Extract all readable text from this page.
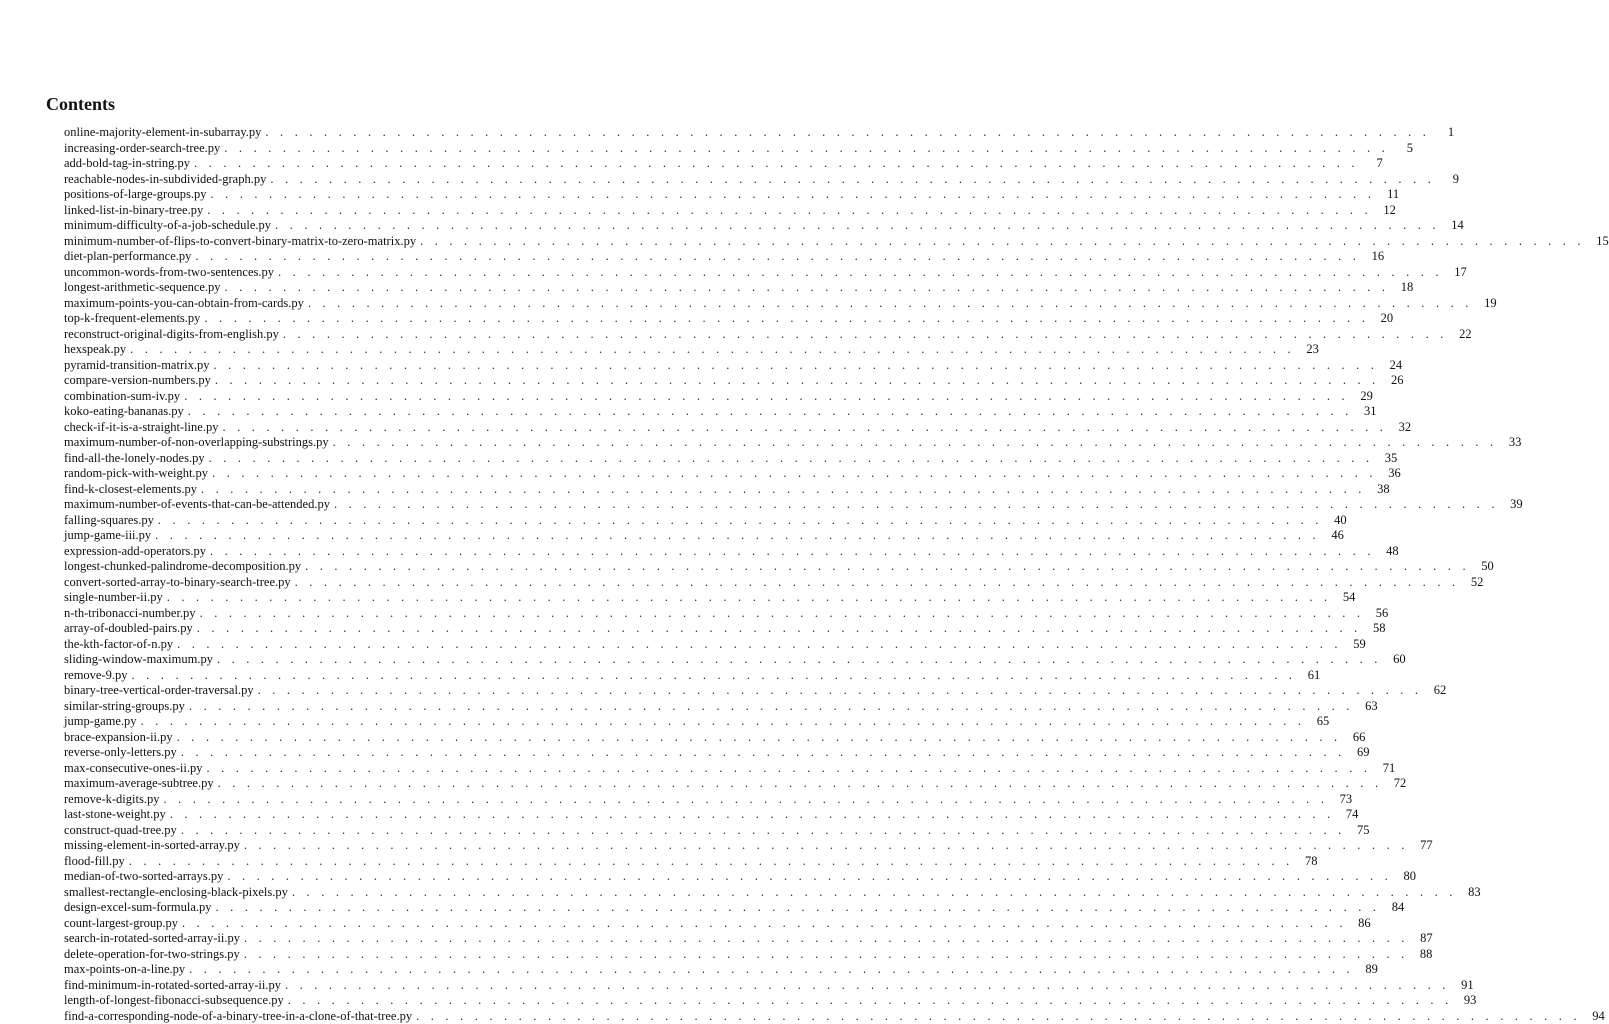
Contents
online-majority-element-in-subarray.py . . . . . . . . . . . . . . . . . . . . . . . . . . . . . . . . . . . . . . . . . . . . . . . . . . . . . . . . . . . . . . . . . . . . . . . . . . . . . . . .	1
increasing-order-search-tree.py . . . . . . . . . . . . . . . . . . . . . . . . . . . . . . . . . . . . . . . . . . . . . . . . . . . . . . . . . . . . . . . . . . . . . . . . . . . . . . . .	5
add-bold-tag-in-string.py . . . . . . . . . . . . . . . . . . . . . . . . . . . . . . . . . . . . . . . . . . . . . . . . . . . . . . . . . . . . . . . . . . . . . . . . . . . . . . . .	7
reachable-nodes-in-subdivided-graph.py . . . . . . . . . . . . . . . . . . . . . . . . . . . . . . . . . . . . . . . . . . . . . . . . . . . . . . . . . . . . . . . . . . . . . . . . . . . . . . . .	9
positions-of-large-groups.py . . . . . . . . . . . . . . . . . . . . . . . . . . . . . . . . . . . . . . . . . . . . . . . . . . . . . . . . . . . . . . . . . . . . . . . . . . . . . . . . 11
linked-list-in-binary-tree.py . . . . . . . . . . . . . . . . . . . . . . . . . . . . . . . . . . . . . . . . . . . . . . . . . . . . . . . . . . . . . . . . . . . . . . . . . . . . . . . . 12
minimum-difficulty-of-a-job-schedule.py . . . . . . . . . . . . . . . . . . . . . . . . . . . . . . . . . . . . . . . . . . . . . . . . . . . . . . . . . . . . . . . . . . . . . . . . . . . . . . . . 14
minimum-number-of-flips-to-convert-binary-matrix-to-zero-matrix.py . . . . . . . . . . . . . . . . . . . . . . . . . . . . . . . . . . . . . . . . . . . . . . . . . . . . . . . . . . . . . . . . . . . . . . . . . . . . . . . . 15
diet-plan-performance.py . . . . . . . . . . . . . . . . . . . . . . . . . . . . . . . . . . . . . . . . . . . . . . . . . . . . . . . . . . . . . . . . . . . . . . . . . . . . . . . . 16
uncommon-words-from-two-sentences.py . . . . . . . . . . . . . . . . . . . . . . . . . . . . . . . . . . . . . . . . . . . . . . . . . . . . . . . . . . . . . . . . . . . . . . . . . . . . . . . . 17
longest-arithmetic-sequence.py . . . . . . . . . . . . . . . . . . . . . . . . . . . . . . . . . . . . . . . . . . . . . . . . . . . . . . . . . . . . . . . . . . . . . . . . . . . . . . . . 18
maximum-points-you-can-obtain-from-cards.py . . . . . . . . . . . . . . . . . . . . . . . . . . . . . . . . . . . . . . . . . . . . . . . . . . . . . . . . . . . . . . . . . . . . . . . . . . . . . . . . 19
top-k-frequent-elements.py . . . . . . . . . . . . . . . . . . . . . . . . . . . . . . . . . . . . . . . . . . . . . . . . . . . . . . . . . . . . . . . . . . . . . . . . . . . . . . . . 20
reconstruct-original-digits-from-english.py . . . . . . . . . . . . . . . . . . . . . . . . . . . . . . . . . . . . . . . . . . . . . . . . . . . . . . . . . . . . . . . . . . . . . . . . . . . . . . . . 22
hexspeak.py . . . . . . . . . . . . . . . . . . . . . . . . . . . . . . . . . . . . . . . . . . . . . . . . . . . . . . . . . . . . . . . . . . . . . . . . . . . . . . . . 23
pyramid-transition-matrix.py . . . . . . . . . . . . . . . . . . . . . . . . . . . . . . . . . . . . . . . . . . . . . . . . . . . . . . . . . . . . . . . . . . . . . . . . . . . . . . . . 24
compare-version-numbers.py . . . . . . . . . . . . . . . . . . . . . . . . . . . . . . . . . . . . . . . . . . . . . . . . . . . . . . . . . . . . . . . . . . . . . . . . . . . . . . . . 26
combination-sum-iv.py . . . . . . . . . . . . . . . . . . . . . . . . . . . . . . . . . . . . . . . . . . . . . . . . . . . . . . . . . . . . . . . . . . . . . . . . . . . . . . . . 29
koko-eating-bananas.py . . . . . . . . . . . . . . . . . . . . . . . . . . . . . . . . . . . . . . . . . . . . . . . . . . . . . . . . . . . . . . . . . . . . . . . . . . . . . . . . 31
check-if-it-is-a-straight-line.py . . . . . . . . . . . . . . . . . . . . . . . . . . . . . . . . . . . . . . . . . . . . . . . . . . . . . . . . . . . . . . . . . . . . . . . . . . . . . . . . 32
maximum-number-of-non-overlapping-substrings.py . . . . . . . . . . . . . . . . . . . . . . . . . . . . . . . . . . . . . . . . . . . . . . . . . . . . . . . . . . . . . . . . . . . . . . . . . . . . . . . . 33
find-all-the-lonely-nodes.py . . . . . . . . . . . . . . . . . . . . . . . . . . . . . . . . . . . . . . . . . . . . . . . . . . . . . . . . . . . . . . . . . . . . . . . . . . . . . . . . 35
random-pick-with-weight.py . . . . . . . . . . . . . . . . . . . . . . . . . . . . . . . . . . . . . . . . . . . . . . . . . . . . . . . . . . . . . . . . . . . . . . . . . . . . . . . . 36
find-k-closest-elements.py . . . . . . . . . . . . . . . . . . . . . . . . . . . . . . . . . . . . . . . . . . . . . . . . . . . . . . . . . . . . . . . . . . . . . . . . . . . . . . . . 38
maximum-number-of-events-that-can-be-attended.py . . . . . . . . . . . . . . . . . . . . . . . . . . . . . . . . . . . . . . . . . . . . . . . . . . . . . . . . . . . . . . . . . . . . . . . . . . . . . . . . 39
falling-squares.py . . . . . . . . . . . . . . . . . . . . . . . . . . . . . . . . . . . . . . . . . . . . . . . . . . . . . . . . . . . . . . . . . . . . . . . . . . . . . . . . 40
jump-game-iii.py . . . . . . . . . . . . . . . . . . . . . . . . . . . . . . . . . . . . . . . . . . . . . . . . . . . . . . . . . . . . . . . . . . . . . . . . . . . . . . . . 46
expression-add-operators.py . . . . . . . . . . . . . . . . . . . . . . . . . . . . . . . . . . . . . . . . . . . . . . . . . . . . . . . . . . . . . . . . . . . . . . . . . . . . . . . . 48
longest-chunked-palindrome-decomposition.py . . . . . . . . . . . . . . . . . . . . . . . . . . . . . . . . . . . . . . . . . . . . . . . . . . . . . . . . . . . . . . . . . . . . . . . . . . . . . . . . 50
convert-sorted-array-to-binary-search-tree.py . . . . . . . . . . . . . . . . . . . . . . . . . . . . . . . . . . . . . . . . . . . . . . . . . . . . . . . . . . . . . . . . . . . . . . . . . . . . . . . . 52
single-number-ii.py . . . . . . . . . . . . . . . . . . . . . . . . . . . . . . . . . . . . . . . . . . . . . . . . . . . . . . . . . . . . . . . . . . . . . . . . . . . . . . . . 54
n-th-tribonacci-number.py . . . . . . . . . . . . . . . . . . . . . . . . . . . . . . . . . . . . . . . . . . . . . . . . . . . . . . . . . . . . . . . . . . . . . . . . . . . . . . . . 56
array-of-doubled-pairs.py . . . . . . . . . . . . . . . . . . . . . . . . . . . . . . . . . . . . . . . . . . . . . . . . . . . . . . . . . . . . . . . . . . . . . . . . . . . . . . . . 58
the-kth-factor-of-n.py . . . . . . . . . . . . . . . . . . . . . . . . . . . . . . . . . . . . . . . . . . . . . . . . . . . . . . . . . . . . . . . . . . . . . . . . . . . . . . . . 59
sliding-window-maximum.py . . . . . . . . . . . . . . . . . . . . . . . . . . . . . . . . . . . . . . . . . . . . . . . . . . . . . . . . . . . . . . . . . . . . . . . . . . . . . . . . 60
remove-9.py . . . . . . . . . . . . . . . . . . . . . . . . . . . . . . . . . . . . . . . . . . . . . . . . . . . . . . . . . . . . . . . . . . . . . . . . . . . . . . . . 61
binary-tree-vertical-order-traversal.py . . . . . . . . . . . . . . . . . . . . . . . . . . . . . . . . . . . . . . . . . . . . . . . . . . . . . . . . . . . . . . . . . . . . . . . . . . . . . . . . 62
similar-string-groups.py . . . . . . . . . . . . . . . . . . . . . . . . . . . . . . . . . . . . . . . . . . . . . . . . . . . . . . . . . . . . . . . . . . . . . . . . . . . . . . . . 63
jump-game.py . . . . . . . . . . . . . . . . . . . . . . . . . . . . . . . . . . . . . . . . . . . . . . . . . . . . . . . . . . . . . . . . . . . . . . . . . . . . . . . . 65
brace-expansion-ii.py . . . . . . . . . . . . . . . . . . . . . . . . . . . . . . . . . . . . . . . . . . . . . . . . . . . . . . . . . . . . . . . . . . . . . . . . . . . . . . . . 66
reverse-only-letters.py . . . . . . . . . . . . . . . . . . . . . . . . . . . . . . . . . . . . . . . . . . . . . . . . . . . . . . . . . . . . . . . . . . . . . . . . . . . . . . . . 69
max-consecutive-ones-ii.py . . . . . . . . . . . . . . . . . . . . . . . . . . . . . . . . . . . . . . . . . . . . . . . . . . . . . . . . . . . . . . . . . . . . . . . . . . . . . . . . 71
maximum-average-subtree.py . . . . . . . . . . . . . . . . . . . . . . . . . . . . . . . . . . . . . . . . . . . . . . . . . . . . . . . . . . . . . . . . . . . . . . . . . . . . . . . . 72
remove-k-digits.py . . . . . . . . . . . . . . . . . . . . . . . . . . . . . . . . . . . . . . . . . . . . . . . . . . . . . . . . . . . . . . . . . . . . . . . . . . . . . . . . 73
last-stone-weight.py . . . . . . . . . . . . . . . . . . . . . . . . . . . . . . . . . . . . . . . . . . . . . . . . . . . . . . . . . . . . . . . . . . . . . . . . . . . . . . . . 74
construct-quad-tree.py . . . . . . . . . . . . . . . . . . . . . . . . . . . . . . . . . . . . . . . . . . . . . . . . . . . . . . . . . . . . . . . . . . . . . . . . . . . . . . . . 75
missing-element-in-sorted-array.py . . . . . . . . . . . . . . . . . . . . . . . . . . . . . . . . . . . . . . . . . . . . . . . . . . . . . . . . . . . . . . . . . . . . . . . . . . . . . . . . 77
flood-fill.py . . . . . . . . . . . . . . . . . . . . . . . . . . . . . . . . . . . . . . . . . . . . . . . . . . . . . . . . . . . . . . . . . . . . . . . . . . . . . . . . 78
median-of-two-sorted-arrays.py . . . . . . . . . . . . . . . . . . . . . . . . . . . . . . . . . . . . . . . . . . . . . . . . . . . . . . . . . . . . . . . . . . . . . . . . . . . . . . . . 80
smallest-rectangle-enclosing-black-pixels.py . . . . . . . . . . . . . . . . . . . . . . . . . . . . . . . . . . . . . . . . . . . . . . . . . . . . . . . . . . . . . . . . . . . . . . . . . . . . . . . . 83
design-excel-sum-formula.py . . . . . . . . . . . . . . . . . . . . . . . . . . . . . . . . . . . . . . . . . . . . . . . . . . . . . . . . . . . . . . . . . . . . . . . . . . . . . . . . 84
count-largest-group.py . . . . . . . . . . . . . . . . . . . . . . . . . . . . . . . . . . . . . . . . . . . . . . . . . . . . . . . . . . . . . . . . . . . . . . . . . . . . . . . . 86
search-in-rotated-sorted-array-ii.py . . . . . . . . . . . . . . . . . . . . . . . . . . . . . . . . . . . . . . . . . . . . . . . . . . . . . . . . . . . . . . . . . . . . . . . . . . . . . . . . 87
delete-operation-for-two-strings.py . . . . . . . . . . . . . . . . . . . . . . . . . . . . . . . . . . . . . . . . . . . . . . . . . . . . . . . . . . . . . . . . . . . . . . . . . . . . . . . . 88
max-points-on-a-line.py . . . . . . . . . . . . . . . . . . . . . . . . . . . . . . . . . . . . . . . . . . . . . . . . . . . . . . . . . . . . . . . . . . . . . . . . . . . . . . . . 89
find-minimum-in-rotated-sorted-array-ii.py . . . . . . . . . . . . . . . . . . . . . . . . . . . . . . . . . . . . . . . . . . . . . . . . . . . . . . . . . . . . . . . . . . . . . . . . . . . . . . . . 91
length-of-longest-fibonacci-subsequence.py . . . . . . . . . . . . . . . . . . . . . . . . . . . . . . . . . . . . . . . . . . . . . . . . . . . . . . . . . . . . . . . . . . . . . . . . . . . . . . . . 93
find-a-corresponding-node-of-a-binary-tree-in-a-clone-of-that-tree.py . . . . . . . . . . . . . . . . . . . . . . . . . . . . . . . . . . . . . . . . . . . . . . . . . . . . . . . . . . . . . . . . . . . . . . . . . . . . . . . . 94
